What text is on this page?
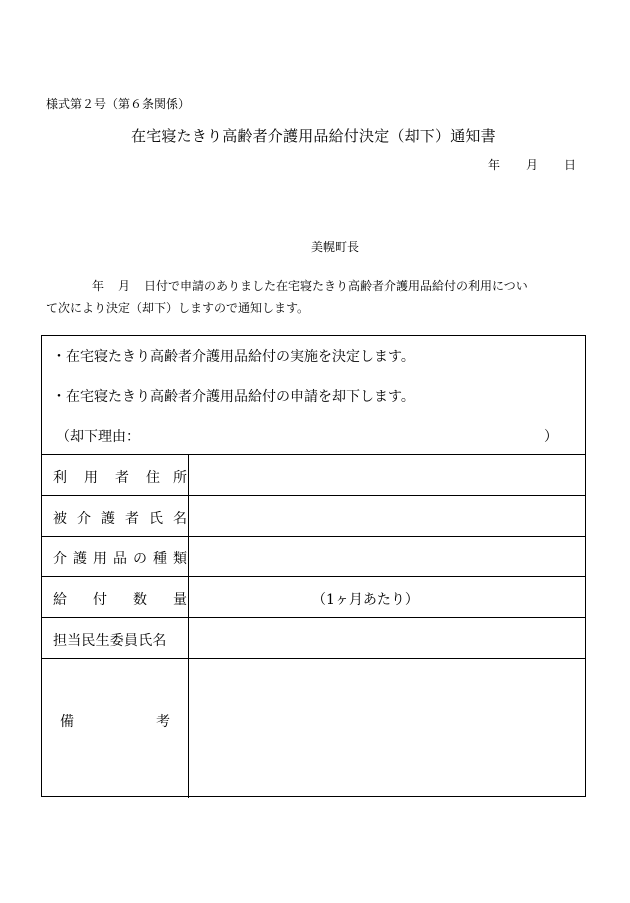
様式第２号（第６条関係）
在宅寝たきり高齢者介護用品給付決定（却下）通知書
年 月 日
美幌町長
年 月 日付で申請のありました在宅寝たきり高齢者介護用品給付の利用につい
て次により決定（却下）しますので通知します。
・在宅寝たきり高齢者介護用品給付の実施を決定します。
・在宅寝たきり高齢者介護用品給付の申請を却下します。
（却下理由：	）
利 用 者 住 所
被 介 護 者 氏 名
介 護 用 品 の 種 類
給 付 数 量	（1ヶ月あたり）
担当民生委員氏名
備	考
